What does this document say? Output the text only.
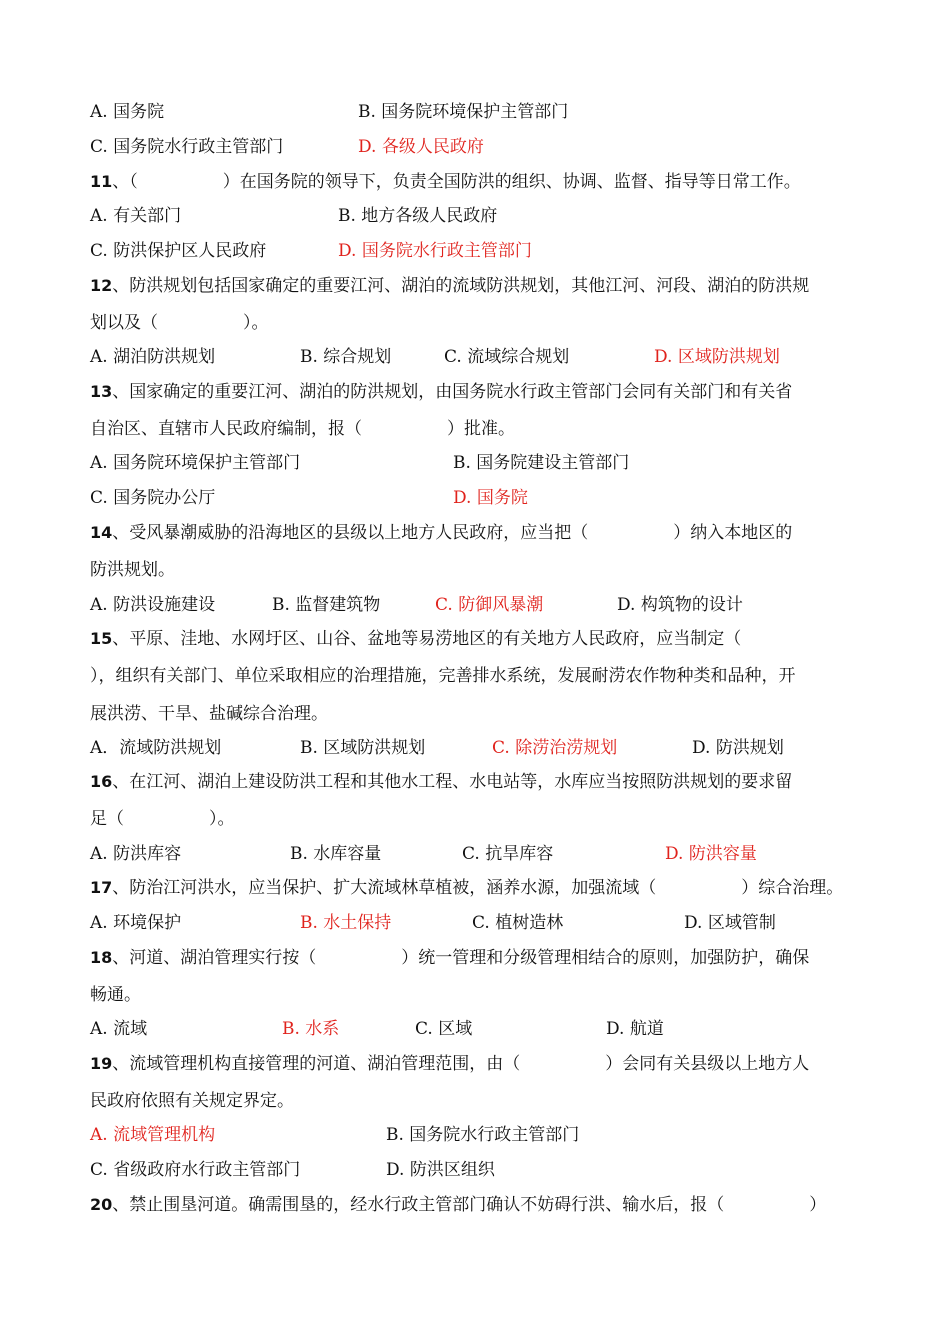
A. 国务院	B. 国务院环境保护主管部门
C. 国务院水行政主管部门	D. 各级人民政府
11、（　　　　　）在国务院的领导下，负责全国防洪的组织、协调、监督、指导等日常工作。
A. 有关部门	B. 地方各级人民政府
C. 防洪保护区人民政府	D. 国务院水行政主管部门
12、防洪规划包括国家确定的重要江河、湖泊的流域防洪规划，其他江河、河段、湖泊的防洪规
划以及（　　　　　）。
A. 湖泊防洪规划	B. 综合规划	C. 流域综合规划	D. 区域防洪规划
13、国家确定的重要江河、湖泊的防洪规划，由国务院水行政主管部门会同有关部门和有关省
自治区、直辖市人民政府编制，报（　　　　　）批准。
A. 国务院环境保护主管部门	B. 国务院建设主管部门
C. 国务院办公厅	D. 国务院
14、受风暴潮威胁的沿海地区的县级以上地方人民政府，应当把（　　　　　）纳入本地区的
防洪规划。
A. 防洪设施建设	B. 监督建筑物	C. 防御风暴潮	D. 构筑物的设计
15、平原、洼地、水网圩区、山谷、盆地等易涝地区的有关地方人民政府，应当制定（
），组织有关部门、单位采取相应的治理措施，完善排水系统，发展耐涝农作物种类和品种，开
展洪涝、干旱、盐碱综合治理。
A．流域防洪规划	B. 区域防洪规划	C. 除涝治涝规划	D. 防洪规划
16、在江河、湖泊上建设防洪工程和其他水工程、水电站等，水库应当按照防洪规划的要求留
足（　　　　　）。
A. 防洪库容	B. 水库容量	C. 抗旱库容	D. 防洪容量
17、防治江河洪水，应当保护、扩大流域林草植被，涵养水源，加强流域（　　　　　）综合治理。
A. 环境保护	B. 水土保持	C. 植树造林	D. 区域管制
18、河道、湖泊管理实行按（　　　　　）统一管理和分级管理相结合的原则，加强防护，确保
畅通。
A. 流域	B. 水系	C. 区域	D. 航道
19、流域管理机构直接管理的河道、湖泊管理范围，由（　　　　　）会同有关县级以上地方人
民政府依照有关规定界定。
A. 流域管理机构	B. 国务院水行政主管部门
C. 省级政府水行政主管部门	D. 防洪区组织
20、禁止围垦河道。确需围垦的，经水行政主管部门确认不妨碍行洪、输水后，报（　　　　　）
